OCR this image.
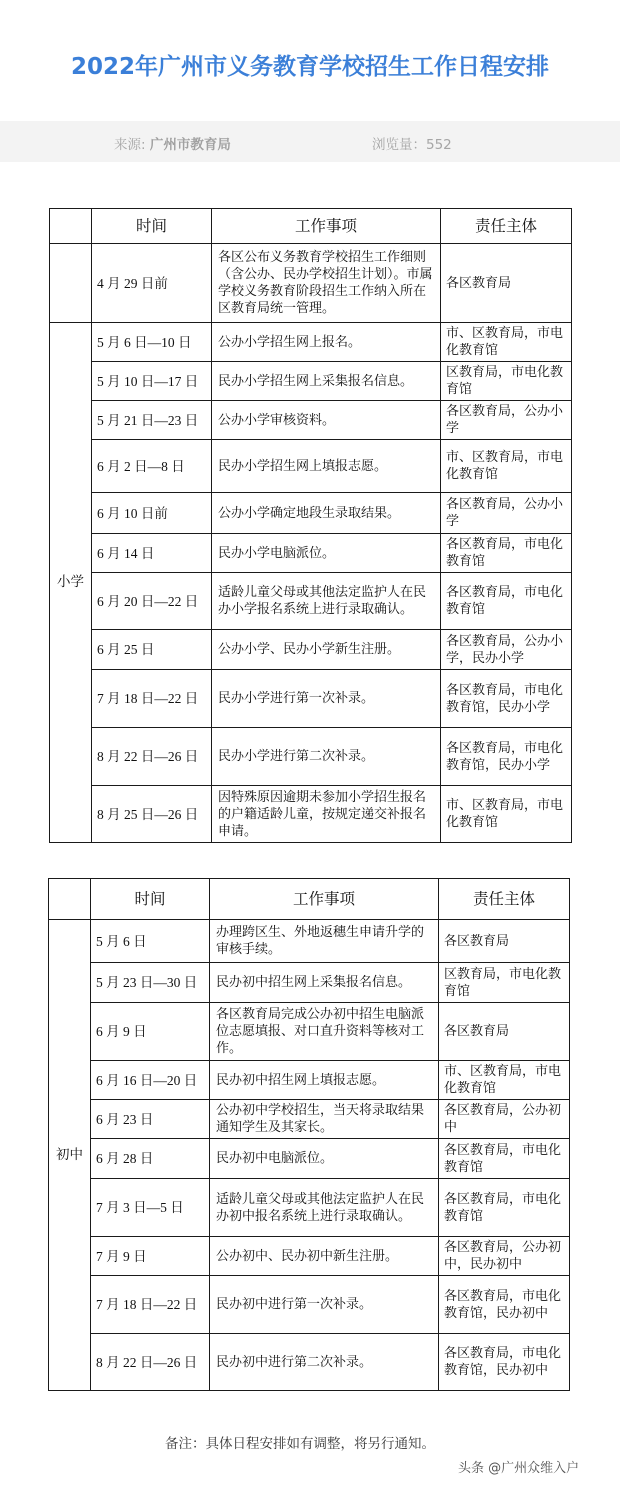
2022年广州市义务教育学校招生工作日程安排
来源: 广州市教育局	浏览量：552
	时间	工作事项	责任主体
	4 月 29 日前	各区公布义务教育学校招生工作细则（含公办、民办学校招生计划）。市属学校义务教育阶段招生工作纳入所在区教育局统一管理。	各区教育局
小学	5 月 6 日—10 日	公办小学招生网上报名。	市、区教育局，市电化教育馆
	5 月 10 日—17 日	民办小学招生网上采集报名信息。	区教育局，市电化教育馆
	5 月 21 日—23 日	公办小学审核资料。	各区教育局，公办小学
	6 月 2 日—8 日	民办小学招生网上填报志愿。	市、区教育局，市电化教育馆
	6 月 10 日前	公办小学确定地段生录取结果。	各区教育局，公办小学
	6 月 14 日	民办小学电脑派位。	各区教育局，市电化教育馆
	6 月 20 日—22 日	适龄儿童父母或其他法定监护人在民办小学报名系统上进行录取确认。	各区教育局，市电化教育馆
	6 月 25 日	公办小学、民办小学新生注册。	各区教育局，公办小学，民办小学
	7 月 18 日—22 日	民办小学进行第一次补录。	各区教育局，市电化教育馆，民办小学
	8 月 22 日—26 日	民办小学进行第二次补录。	各区教育局，市电化教育馆，民办小学
	8 月 25 日—26 日	因特殊原因逾期未参加小学招生报名的户籍适龄儿童，按规定递交补报名申请。	市、区教育局，市电化教育馆
	时间	工作事项	责任主体
初中	5 月 6 日	办理跨区生、外地返穗生申请升学的审核手续。	各区教育局
	5 月 23 日—30 日	民办初中招生网上采集报名信息。	区教育局，市电化教育馆
	6 月 9 日	各区教育局完成公办初中招生电脑派位志愿填报、对口直升资料等核对工作。	各区教育局
	6 月 16 日—20 日	民办初中招生网上填报志愿。	市、区教育局，市电化教育馆
	6 月 23 日	公办初中学校招生，当天将录取结果通知学生及其家长。	各区教育局，公办初中
	6 月 28 日	民办初中电脑派位。	各区教育局，市电化教育馆
	7 月 3 日—5 日	适龄儿童父母或其他法定监护人在民办初中报名系统上进行录取确认。	各区教育局，市电化教育馆
	7 月 9 日	公办初中、民办初中新生注册。	各区教育局，公办初中，民办初中
	7 月 18 日—22 日	民办初中进行第一次补录。	各区教育局，市电化教育馆，民办初中
	8 月 22 日—26 日	民办初中进行第二次补录。	各区教育局，市电化教育馆，民办初中
备注：具体日程安排如有调整，将另行通知。
头条 @广州众维入户
